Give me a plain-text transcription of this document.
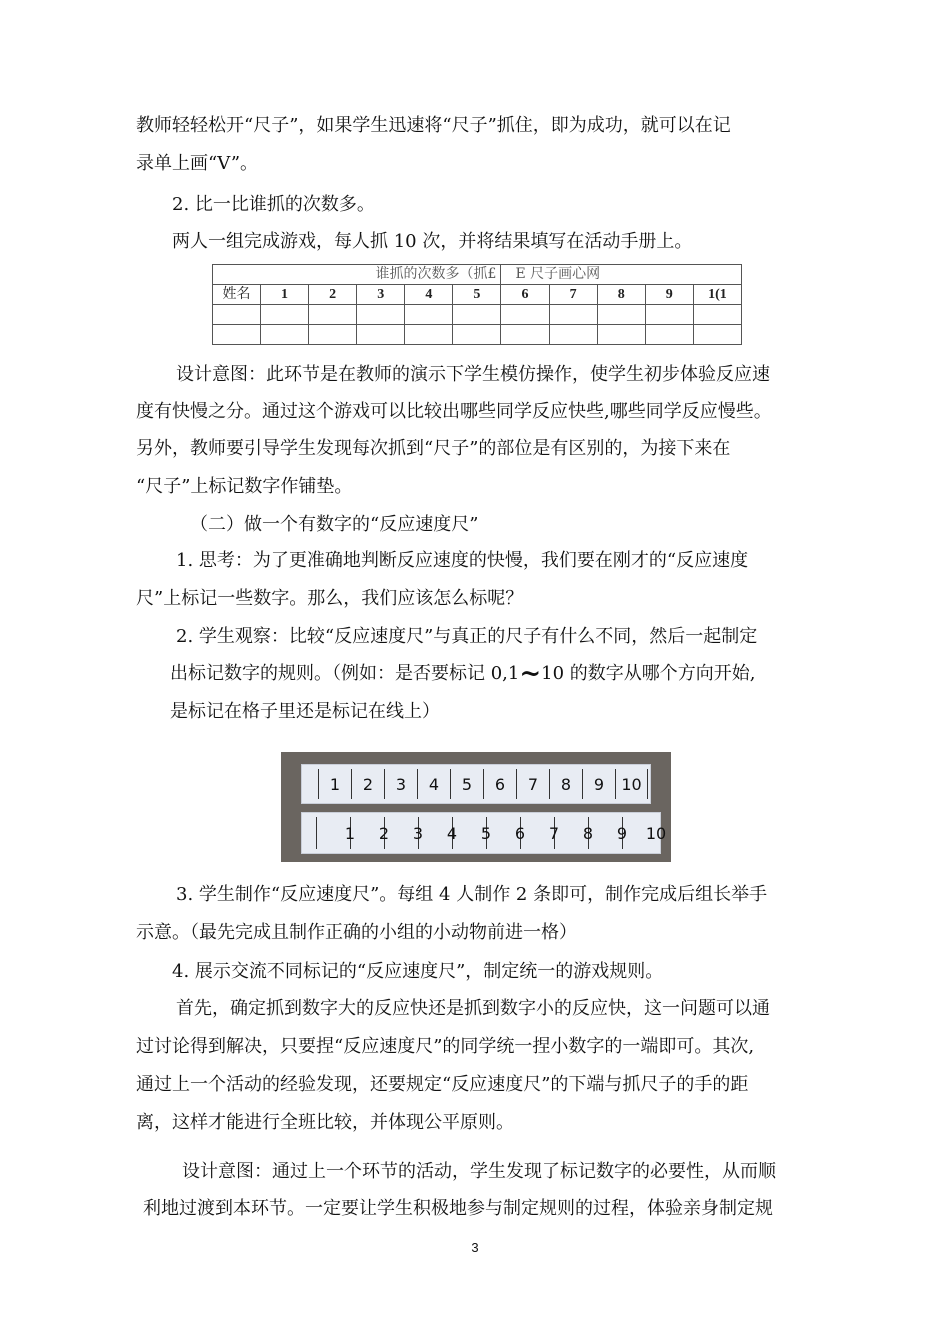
教师轻轻松开“尺子”，如果学生迅速将“尺子”抓住，即为成功，就可以在记
录单上画“V”。
2. 比一比谁抓的次数多。
两人一组完成游戏，每人抓 10 次，并将结果填写在活动手册上。
谁抓的次数多（抓£						E 尺子画心网				
姓名	1	2	3	4	5	6	7	8	9	1(1

设计意图：此环节是在教师的演示下学生模仿操作，使学生初步体验反应速
度有快慢之分。通过这个游戏可以比较出哪些同学反应快些,哪些同学反应慢些。
另外，教师要引导学生发现每次抓到“尺子”的部位是有区别的，为接下来在
“尺子”上标记数字作铺垫。
（二）做一个有数字的“反应速度尺”
1. 思考：为了更准确地判断反应速度的快慢，我们要在刚才的“反应速度
尺”上标记一些数字。那么，我们应该怎么标呢？
2. 学生观察：比较“反应速度尺”与真正的尺子有什么不同，然后一起制定
出标记数字的规则。（例如：是否要标记 0,1~10 的数字从哪个方向开始,
是标记在格子里还是标记在线上）
1	2	3	4	5	6	7	8	9	10
1 2 3 4 5 6 7 8 9 10
3. 学生制作“反应速度尺”。每组 4 人制作 2 条即可，制作完成后组长举手
示意。（最先完成且制作正确的小组的小动物前进一格）
4. 展示交流不同标记的“反应速度尺”，制定统一的游戏规则。
首先，确定抓到数字大的反应快还是抓到数字小的反应快，这一问题可以通
过讨论得到解决，只要捏“反应速度尺”的同学统一捏小数字的一端即可。其次,
通过上一个活动的经验发现，还要规定“反应速度尺”的下端与抓尺子的手的距
离，这样才能进行全班比较，并体现公平原则。
设计意图：通过上一个环节的活动，学生发现了标记数字的必要性，从而顺
利地过渡到本环节。一定要让学生积极地参与制定规则的过程，体验亲身制定规
3
